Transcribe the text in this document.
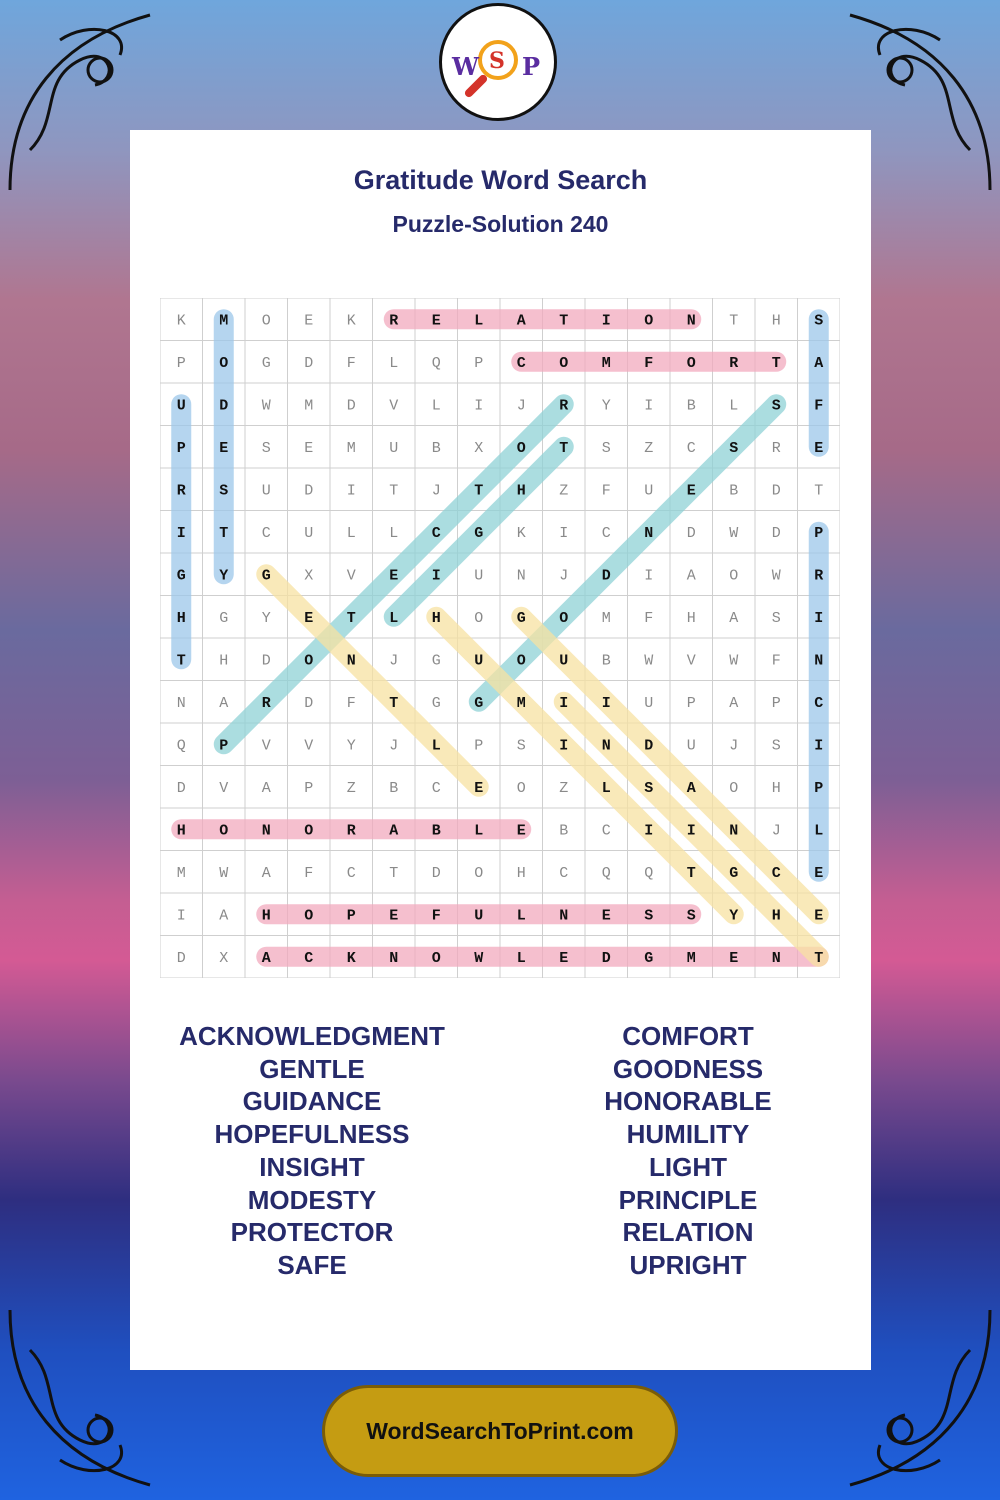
W S P
Gratitude Word Search
Puzzle-Solution 240
K M O E K R E L A T I O N T H S
P O G D F L Q P C O M F O R T A
U D W M D V L I J R Y I B L S F
P E S E M U B X O T S Z C S R E
R S U D I T J T H Z F U E B D T
I T C U L L C G K I C N D W D P
G Y G X V E I U N J D I A O W R
H G Y E T L H O G O M F H A S I
T H D O N J G U O U B W V W F N
N A R D F T G G M I I U P A P C
Q P V V Y J L P S I N D U J S I
D V A P Z B C E O Z L S A O H P
H O N O R A B L E B C I I N J L
M W A F C T D O H C Q Q T G C E
I A H O P E F U L N E S S Y H E
D X A C K N O W L E D G M E N T
ACKNOWLEDGMENT
GENTLE
GUIDANCE
HOPEFULNESS
INSIGHT
MODESTY
PROTECTOR
SAFE
COMFORT
GOODNESS
HONORABLE
HUMILITY
LIGHT
PRINCIPLE
RELATION
UPRIGHT
WordSearchToPrint.com
